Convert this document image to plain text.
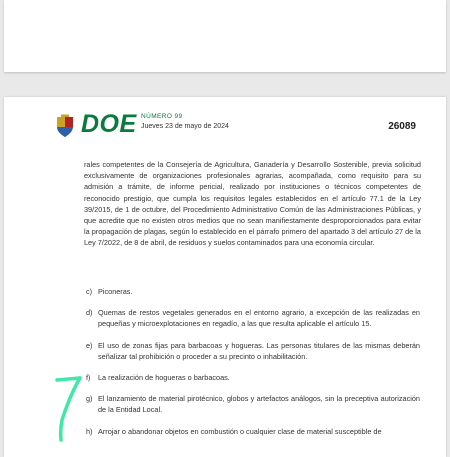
DOE NÚMERO 99
Jueves 23 de mayo de 2024	26089

rales competentes de la Consejería de Agricultura, Ganadería y Desarrollo Sostenible, previa solicitud exclusivamente de organizaciones profesionales agrarias, acompañada, como requisito para su admisión a trámite, de informe pericial, realizado por instituciones o técnicos competentes de reconocido prestigio, que cumpla los requisitos legales establecidos en el artículo 77.1 de la Ley 39/2015, de 1 de octubre, del Procedimiento Administrativo Común de las Administraciones Públicas, y que acredite que no existen otros medios que no sean manifiestamente desproporcionados para evitar la propagación de plagas, según lo establecido en el párrafo primero del apartado 3 del artículo 27 de la Ley 7/2022, de 8 de abril, de residuos y suelos contaminados para una economía circular.

c) Piconeras.
d) Quemas de restos vegetales generados en el entorno agrario, a excepción de las realizadas en pequeñas y microexplotaciones en regadío, a las que resulta aplicable el artículo 15.
e) El uso de zonas fijas para barbacoas y hogueras. Las personas titulares de las mismas deberán señalizar tal prohibición o proceder a su precinto o inhabilitación.
f)	La realización de hogueras o barbacoas.
g) El lanzamiento de material pirotécnico, globos y artefactos análogos, sin la preceptiva autorización de la Entidad Local.
h) Arrojar o abandonar objetos en combustión o cualquier clase de material susceptible de
